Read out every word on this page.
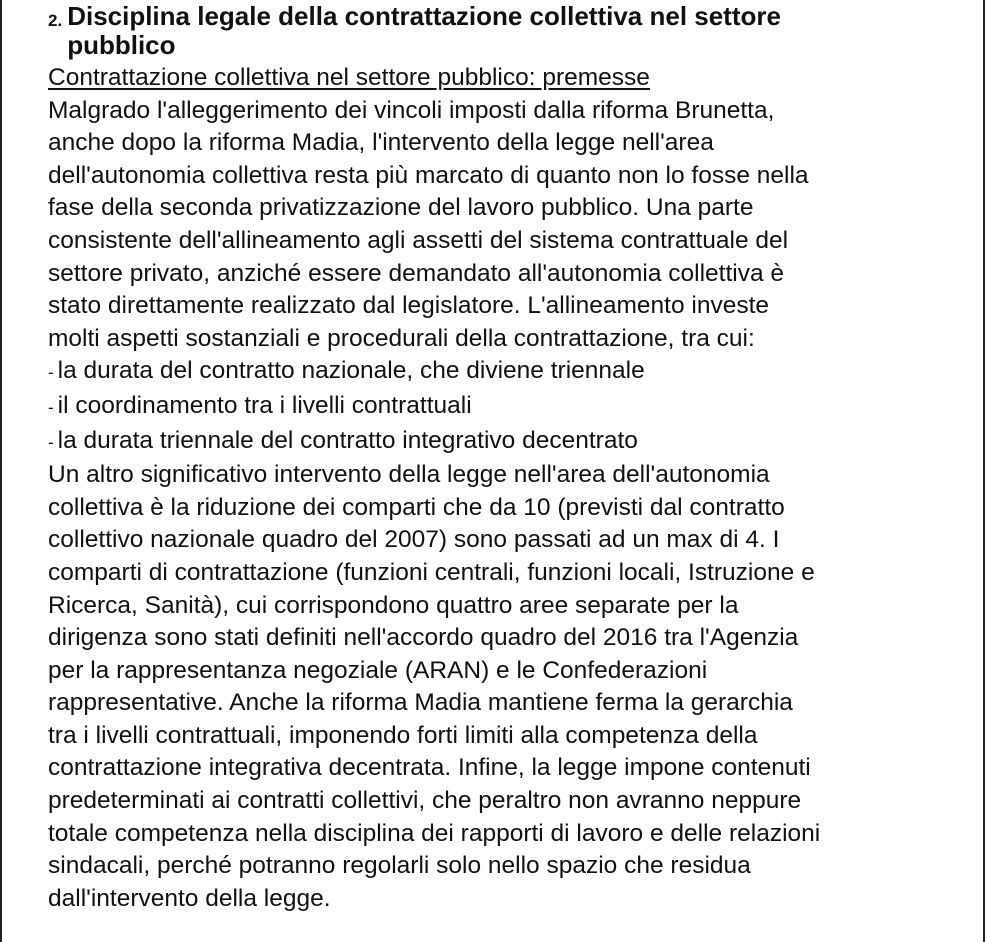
2. Disciplina legale della contrattazione collettiva nel settore
pubblico
Contrattazione collettiva nel settore pubblico: premesse

Malgrado l'alleggerimento dei vincoli imposti dalla riforma Brunetta,
anche dopo la riforma Madia, l'intervento della legge nell'area
dell'autonomia collettiva resta più marcato di quanto non lo fosse nella
fase della seconda privatizzazione del lavoro pubblico. Una parte
consistente dell'allineamento agli assetti del sistema contrattuale del
settore privato, anziché essere demandato all'autonomia collettiva è
stato direttamente realizzato dal legislatore. L'allineamento investe
molti aspetti sostanziali e procedurali della contrattazione, tra cui:

- la durata del contratto nazionale, che diviene triennale
- il coordinamento tra i livelli contrattuali
- la durata triennale del contratto integrativo decentrato

Un altro significativo intervento della legge nell'area dell'autonomia
collettiva è la riduzione dei comparti che da 10 (previsti dal contratto
collettivo nazionale quadro del 2007) sono passati ad un max di 4. I
comparti di contrattazione (funzioni centrali, funzioni locali, Istruzione e
Ricerca, Sanità), cui corrispondono quattro aree separate per la
dirigenza sono stati definiti nell'accordo quadro del 2016 tra l'Agenzia
per la rappresentanza negoziale (ARAN) e le Confederazioni
rappresentative. Anche la riforma Madia mantiene ferma la gerarchia
tra i livelli contrattuali, imponendo forti limiti alla competenza della
contrattazione integrativa decentrata. Infine, la legge impone contenuti
predeterminati ai contratti collettivi, che peraltro non avranno neppure
totale competenza nella disciplina dei rapporti di lavoro e delle relazioni
sindacali, perché potranno regolarli solo nello spazio che residua
dall'intervento della legge.
